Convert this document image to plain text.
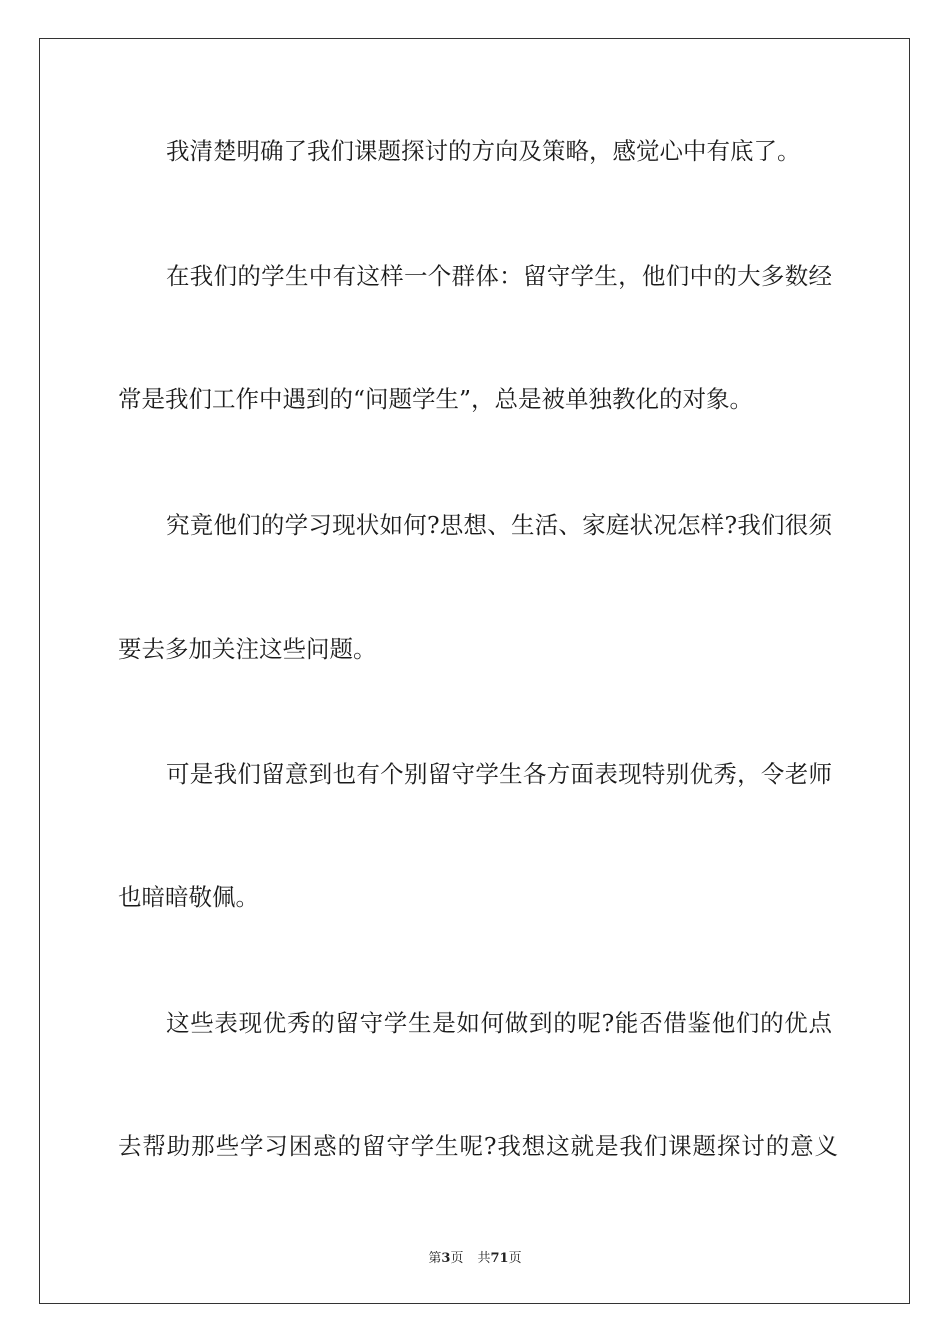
我清楚明确了我们课题探讨的方向及策略，感觉心中有底了。
在我们的学生中有这样一个群体：留守学生，他们中的大多数经
常是我们工作中遇到的“问题学生”，总是被单独教化的对象。
究竟他们的学习现状如何?思想、生活、家庭状况怎样?我们很须
要去多加关注这些问题。
可是我们留意到也有个别留守学生各方面表现特别优秀，令老师
也暗暗敬佩。
这些表现优秀的留守学生是如何做到的呢?能否借鉴他们的优点
去帮助那些学习困惑的留守学生呢?我想这就是我们课题探讨的意义
第3页 共71页
